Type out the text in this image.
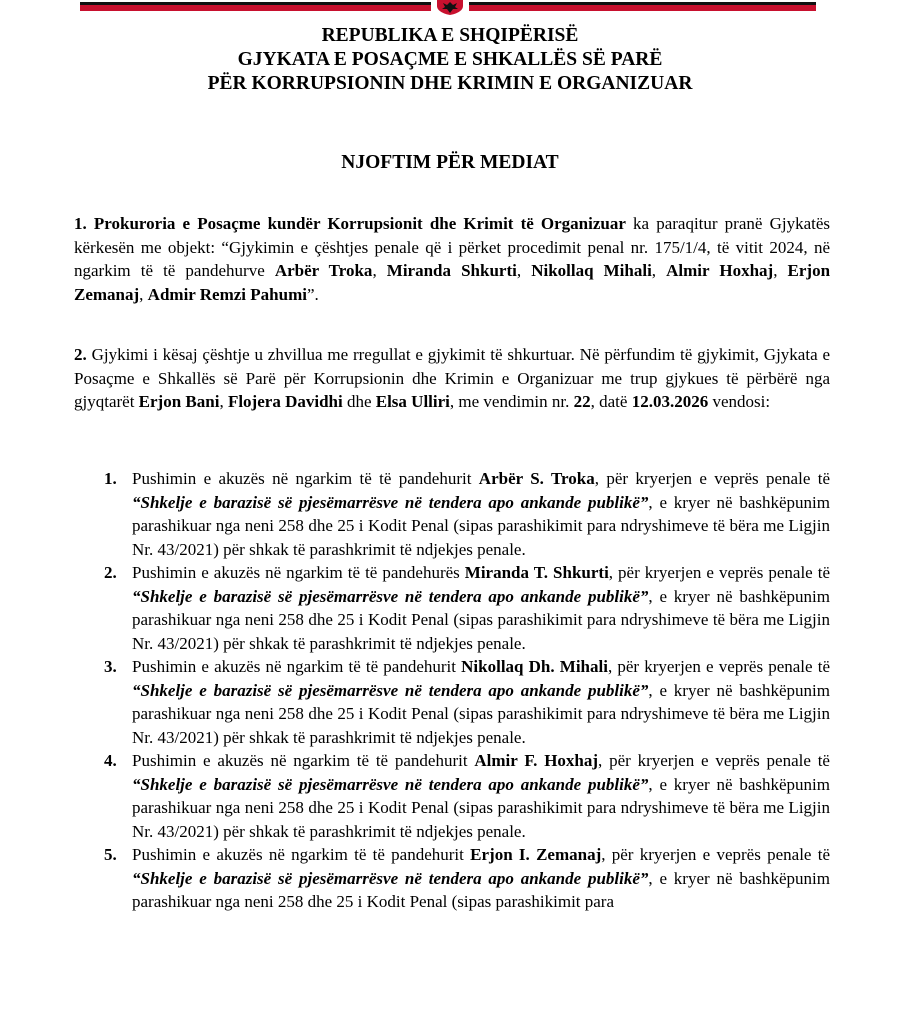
REPUBLIKA E SHQIPËRISË
GJYKATA E POSAÇME E SHKALLËS SË PARË
PËR KORRUPSIONIN DHE KRIMIN E ORGANIZUAR
NJOFTIM PËR MEDIAT
1. Prokuroria e Posaçme kundër Korrupsionit dhe Krimit të Organizuar ka paraqitur pranë Gjykatës kërkesën me objekt: “Gjykimin e çështjes penale që i përket procedimit penal nr. 175/1/4, të vitit 2024, në ngarkim të të pandehurve Arbër Troka, Miranda Shkurti, Nikollaq Mihali, Almir Hoxhaj, Erjon Zemanaj, Admir Remzi Pahumi”.
2. Gjykimi i kësaj çështje u zhvillua me rregullat e gjykimit të shkurtuar. Në përfundim të gjykimit, Gjykata e Posaçme e Shkallës së Parë për Korrupsionin dhe Krimin e Organizuar me trup gjykues të përbërë nga gjyqtarët Erjon Bani, Flojera Davidhi dhe Elsa Ulliri, me vendimin nr. 22, datë 12.03.2026 vendosi:
1. Pushimin e akuzës në ngarkim të të pandehurit Arbër S. Troka, për kryerjen e veprës penale të “Shkelje e barazisë së pjesëmarrësve në tendera apo ankande publikë”, e kryer në bashkëpunim parashikuar nga neni 258 dhe 25 i Kodit Penal (sipas parashikimit para ndryshimeve të bëra me Ligjin Nr. 43/2021) për shkak të parashkrimit të ndjekjes penale.
2. Pushimin e akuzës në ngarkim të të pandehurës Miranda T. Shkurti, për kryerjen e veprës penale të “Shkelje e barazisë së pjesëmarrësve në tendera apo ankande publikë”, e kryer në bashkëpunim parashikuar nga neni 258 dhe 25 i Kodit Penal (sipas parashikimit para ndryshimeve të bëra me Ligjin Nr. 43/2021) për shkak të parashkrimit të ndjekjes penale.
3. Pushimin e akuzës në ngarkim të të pandehurit Nikollaq Dh. Mihali, për kryerjen e veprës penale të “Shkelje e barazisë së pjesëmarrësve në tendera apo ankande publikë”, e kryer në bashkëpunim parashikuar nga neni 258 dhe 25 i Kodit Penal (sipas parashikimit para ndryshimeve të bëra me Ligjin Nr. 43/2021) për shkak të parashkrimit të ndjekjes penale.
4. Pushimin e akuzës në ngarkim të të pandehurit Almir F. Hoxhaj, për kryerjen e veprës penale të “Shkelje e barazisë së pjesëmarrësve në tendera apo ankande publikë”, e kryer në bashkëpunim parashikuar nga neni 258 dhe 25 i Kodit Penal (sipas parashikimit para ndryshimeve të bëra me Ligjin Nr. 43/2021) për shkak të parashkrimit të ndjekjes penale.
5. Pushimin e akuzës në ngarkim të të pandehurit Erjon I. Zemanaj, për kryerjen e veprës penale të “Shkelje e barazisë së pjesëmarrësve në tendera apo ankande publikë”, e kryer në bashkëpunim parashikuar nga neni 258 dhe 25 i Kodit Penal (sipas parashikimit para
